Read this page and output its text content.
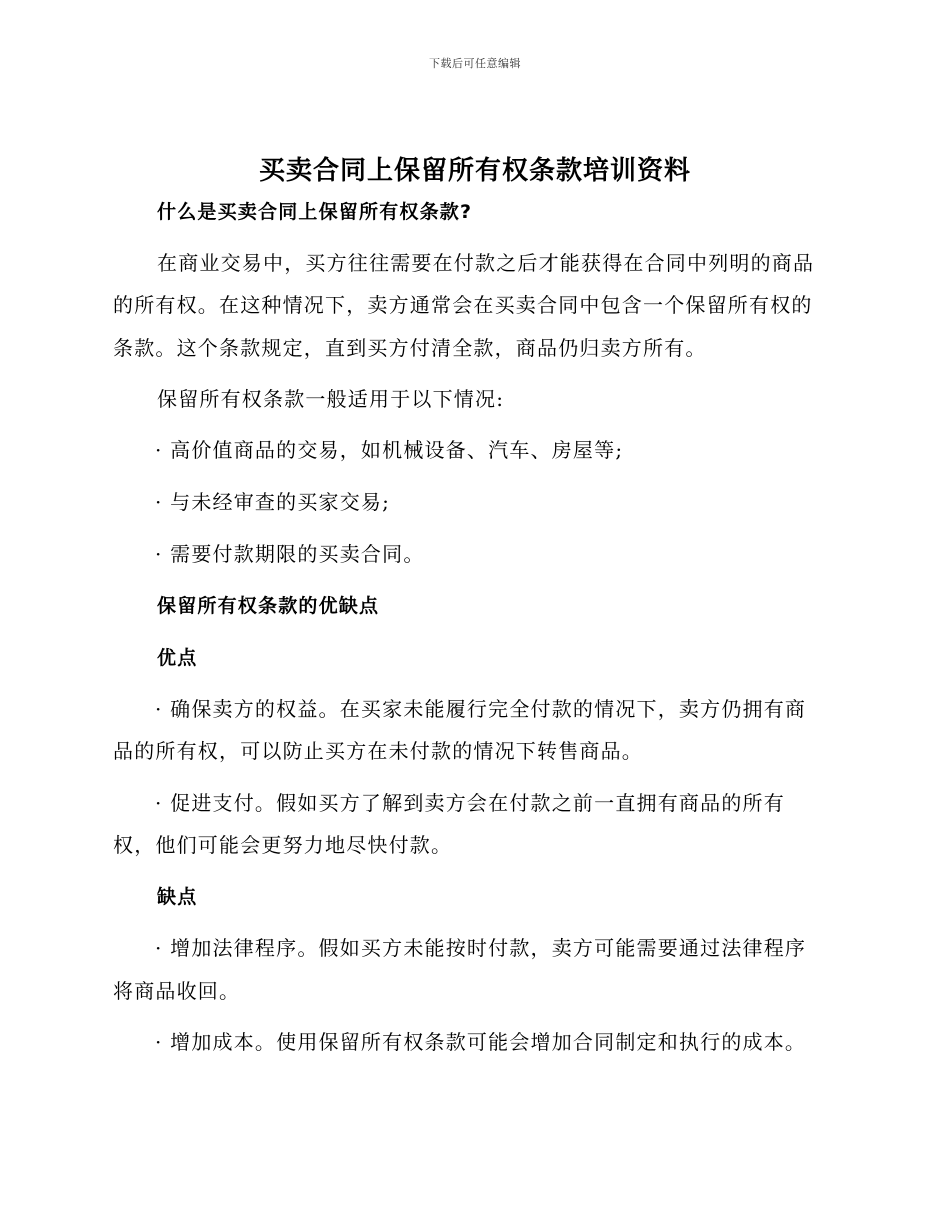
下载后可任意编辑
买卖合同上保留所有权条款培训资料
什么是买卖合同上保留所有权条款?
在商业交易中，买方往往需要在付款之后才能获得在合同中列明的商品
的所有权。在这种情况下，卖方通常会在买卖合同中包含一个保留所有权的
条款。这个条款规定，直到买方付清全款，商品仍归卖方所有。
保留所有权条款一般适用于以下情况:
· 高价值商品的交易，如机械设备、汽车、房屋等;
· 与未经审查的买家交易;
· 需要付款期限的买卖合同。
保留所有权条款的优缺点
优点
· 确保卖方的权益。在买家未能履行完全付款的情况下，卖方仍拥有商
品的所有权，可以防止买方在未付款的情况下转售商品。
· 促进支付。假如买方了解到卖方会在付款之前一直拥有商品的所有
权，他们可能会更努力地尽快付款。
缺点
· 增加法律程序。假如买方未能按时付款，卖方可能需要通过法律程序
将商品收回。
· 增加成本。使用保留所有权条款可能会增加合同制定和执行的成本。
